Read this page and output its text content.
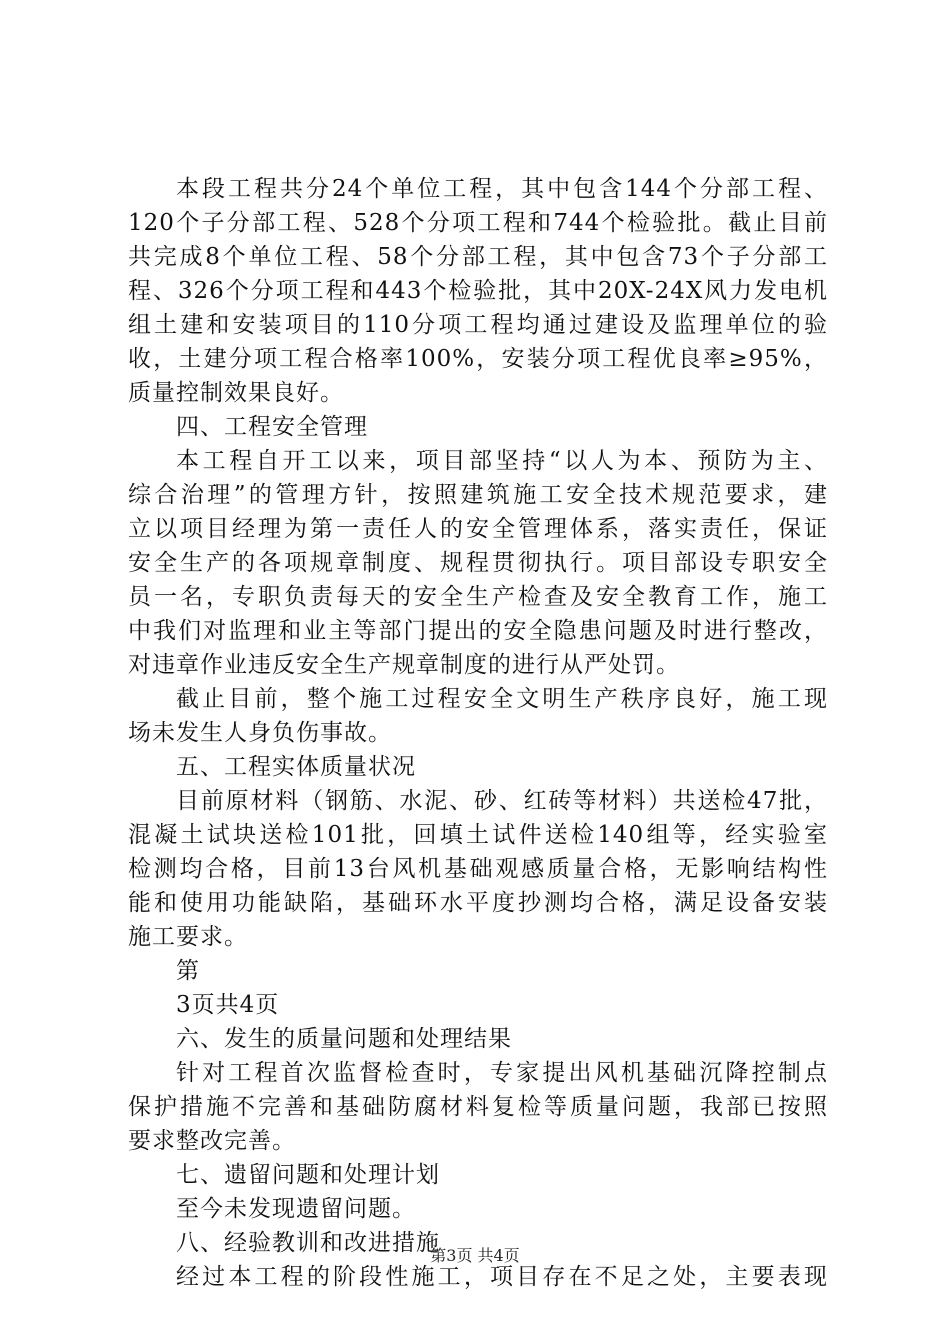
本段工程共分24个单位工程，其中包含144个分部工程、
120个子分部工程、528个分项工程和744个检验批。截止目前
共完成8个单位工程、58个分部工程，其中包含73个子分部工
程、326个分项工程和443个检验批，其中20X-24X风力发电机
组土建和安装项目的110分项工程均通过建设及监理单位的验
收，土建分项工程合格率100%，安装分项工程优良率≥95%，
质量控制效果良好。
四、工程安全管理
本工程自开工以来，项目部坚持“以人为本、预防为主、
综合治理”的管理方针，按照建筑施工安全技术规范要求，建
立以项目经理为第一责任人的安全管理体系，落实责任，保证
安全生产的各项规章制度、规程贯彻执行。项目部设专职安全
员一名，专职负责每天的安全生产检查及安全教育工作，施工
中我们对监理和业主等部门提出的安全隐患问题及时进行整改，
对违章作业违反安全生产规章制度的进行从严处罚。
截止目前，整个施工过程安全文明生产秩序良好，施工现
场未发生人身负伤事故。
五、工程实体质量状况
目前原材料（钢筋、水泥、砂、红砖等材料）共送检47批，
混凝土试块送检101批，回填土试件送检140组等，经实验室
检测均合格，目前13台风机基础观感质量合格，无影响结构性
能和使用功能缺陷，基础环水平度抄测均合格，满足设备安装
施工要求。
第
3页共4页
六、发生的质量问题和处理结果
针对工程首次监督检查时，专家提出风机基础沉降控制点
保护措施不完善和基础防腐材料复检等质量问题，我部已按照
要求整改完善。
七、遗留问题和处理计划
至今未发现遗留问题。
八、经验教训和改进措施
经过本工程的阶段性施工，项目存在不足之处，主要表现
第3页 共4页
